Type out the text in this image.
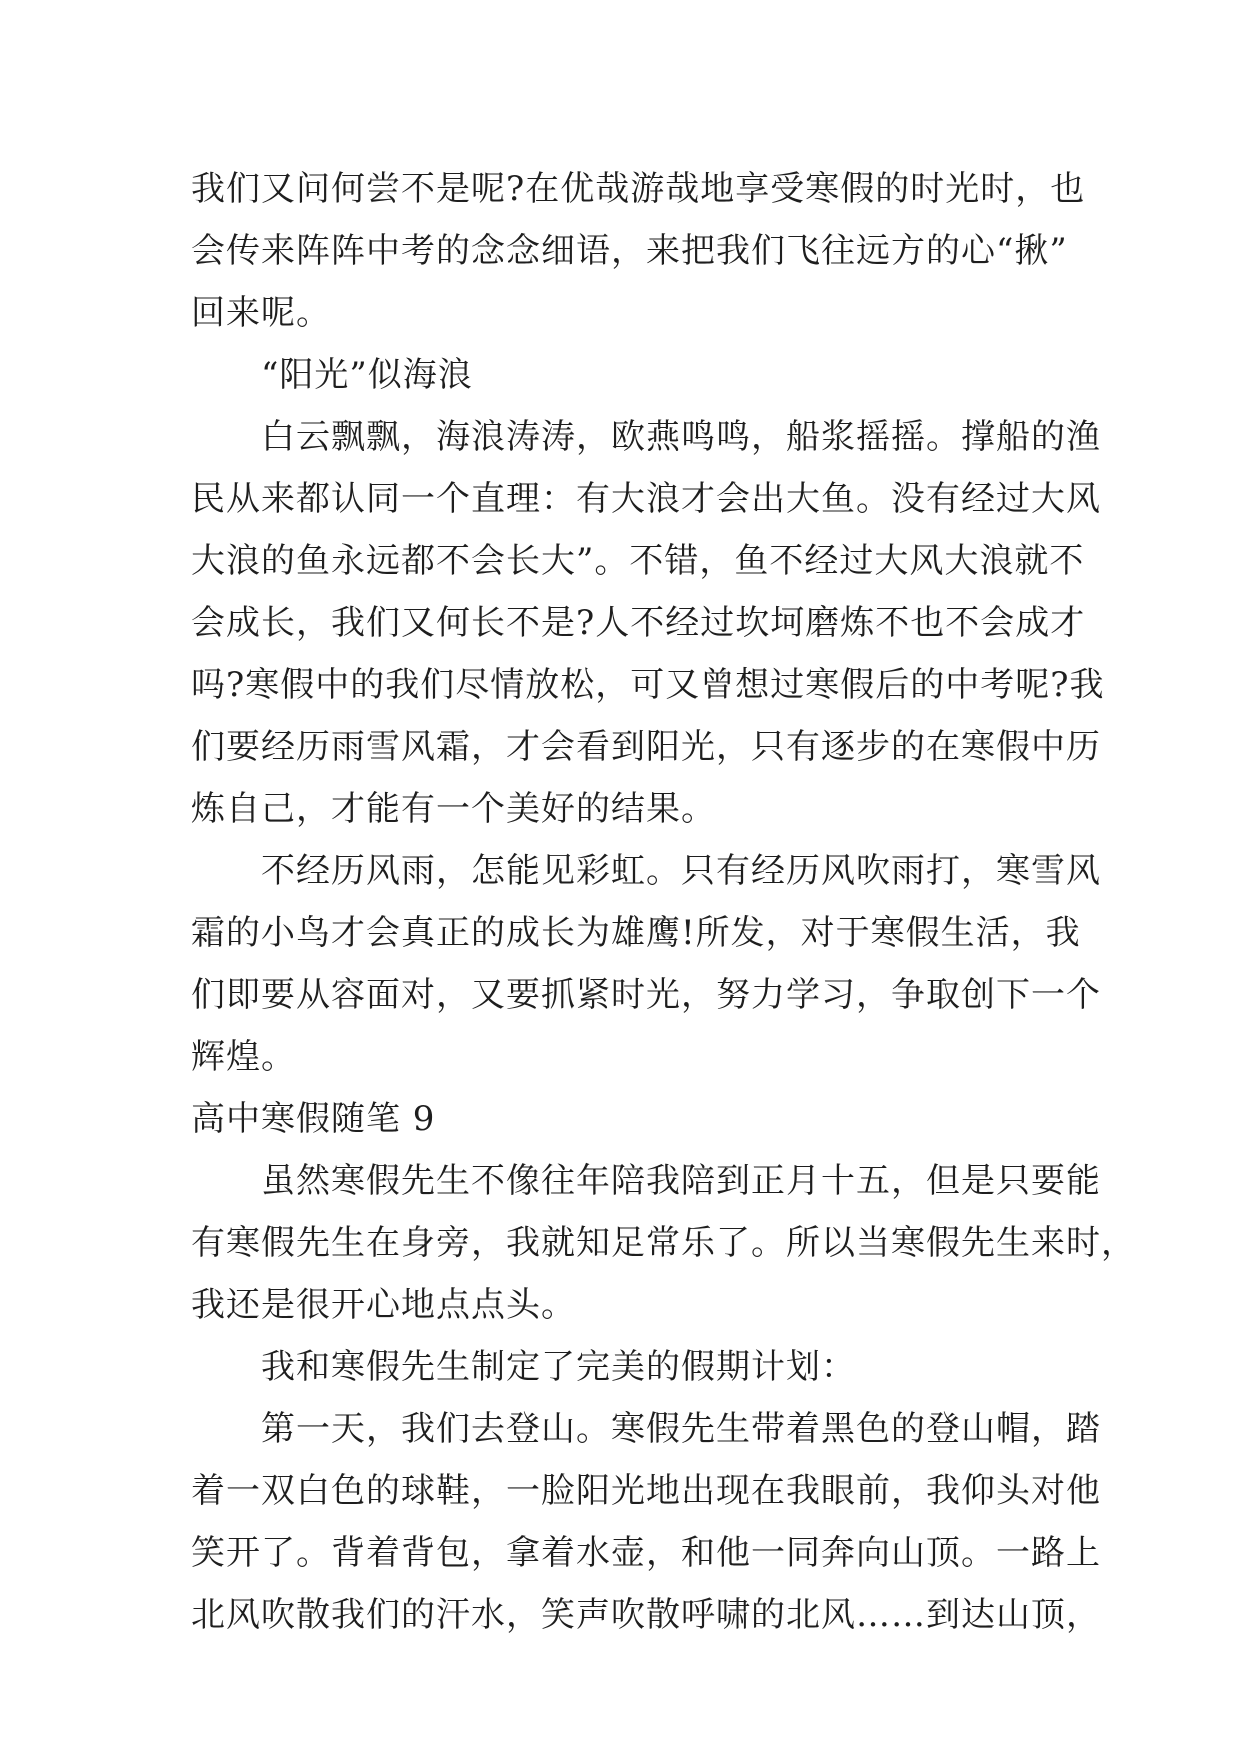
我们又问何尝不是呢?在优哉游哉地享受寒假的时光时，也
会传来阵阵中考的念念细语，来把我们飞往远方的心“揪”
回来呢。
“阳光”似海浪
白云飘飘，海浪涛涛，欧燕鸣鸣，船浆摇摇。撑船的渔
民从来都认同一个直理：有大浪才会出大鱼。没有经过大风
大浪的鱼永远都不会长大”。不错，鱼不经过大风大浪就不
会成长，我们又何长不是?人不经过坎坷磨炼不也不会成才
吗?寒假中的我们尽情放松，可又曾想过寒假后的中考呢?我
们要经历雨雪风霜，才会看到阳光，只有逐步的在寒假中历
炼自己，才能有一个美好的结果。
不经历风雨，怎能见彩虹。只有经历风吹雨打，寒雪风
霜的小鸟才会真正的成长为雄鹰!所发，对于寒假生活，我
们即要从容面对，又要抓紧时光，努力学习，争取创下一个
辉煌。
高中寒假随笔 9
虽然寒假先生不像往年陪我陪到正月十五，但是只要能
有寒假先生在身旁，我就知足常乐了。所以当寒假先生来时，
我还是很开心地点点头。
我和寒假先生制定了完美的假期计划：
第一天，我们去登山。寒假先生带着黑色的登山帽，踏
着一双白色的球鞋，一脸阳光地出现在我眼前，我仰头对他
笑开了。背着背包，拿着水壶，和他一同奔向山顶。一路上
北风吹散我们的汗水，笑声吹散呼啸的北风……到达山顶，
